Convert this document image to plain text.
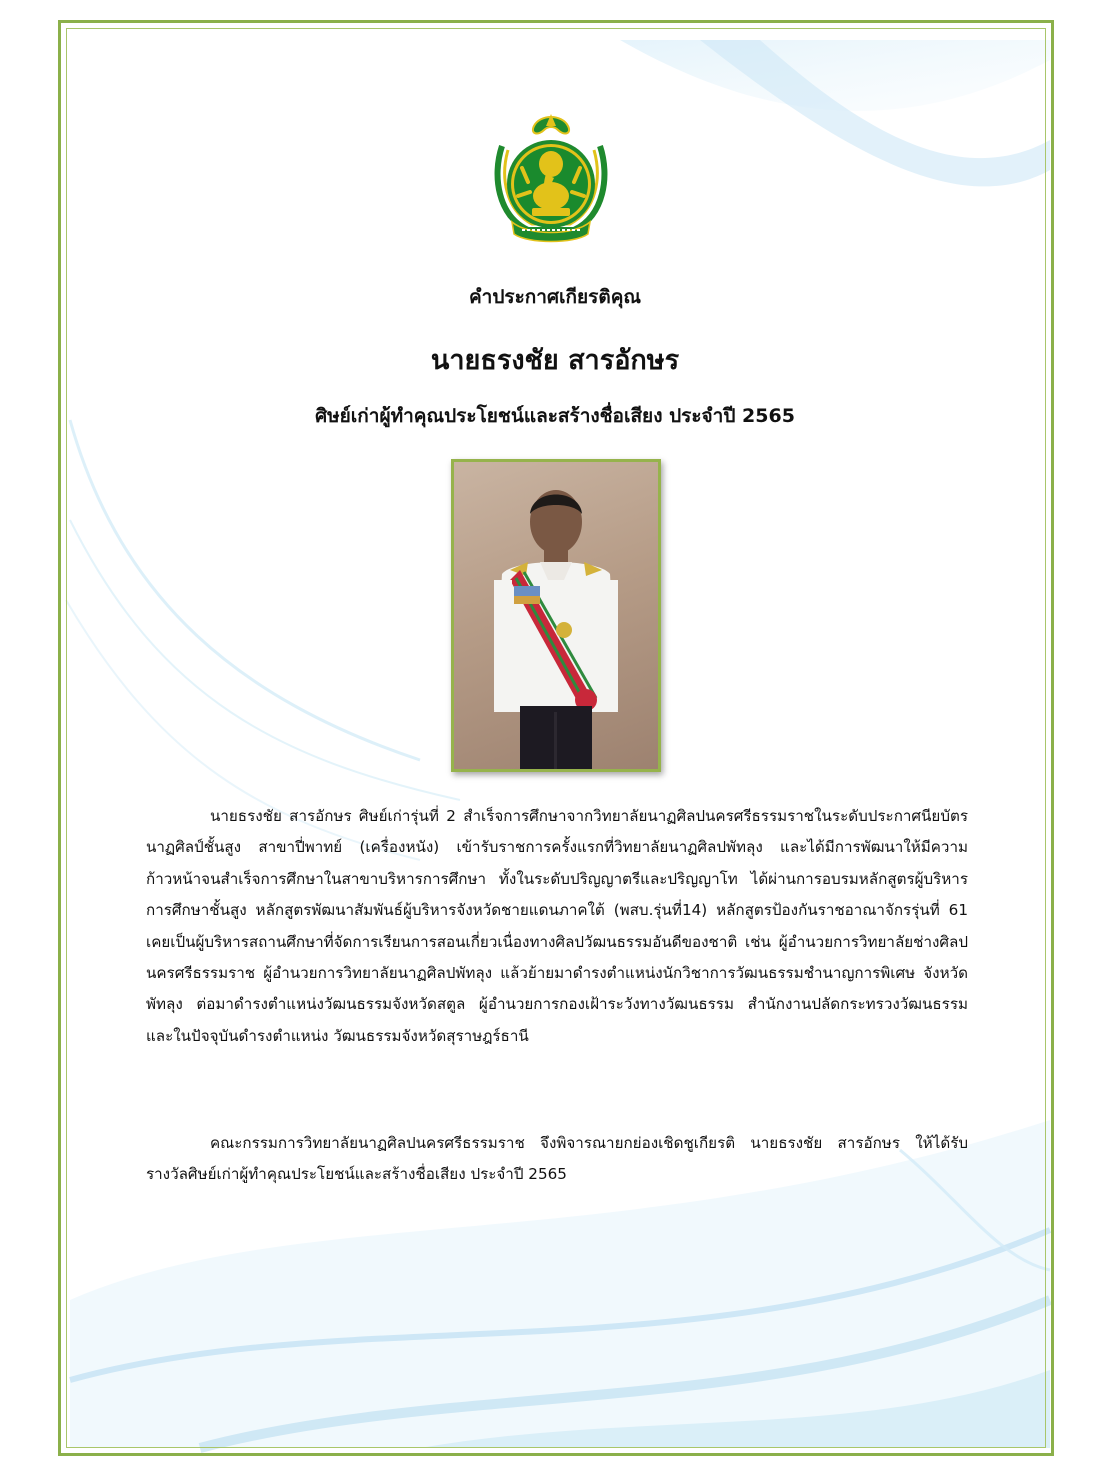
คำประกาศเกียรติคุณ
นายธรงชัย สารอักษร
ศิษย์เก่าผู้ทำคุณประโยชน์และสร้างชื่อเสียง ประจำปี 2565

นายธรงชัย สารอักษร ศิษย์เก่ารุ่นที่ 2 สำเร็จการศึกษาจากวิทยาลัยนาฏศิลปนครศรีธรรมราชในระดับประกาศนียบัตรนาฏศิลป์ชั้นสูง สาขาปี่พาทย์ (เครื่องหนัง) เข้ารับราชการครั้งแรกที่วิทยาลัยนาฏศิลปพัทลุง และได้มีการพัฒนาให้มีความก้าวหน้าจนสำเร็จการศึกษาในสาขาบริหารการศึกษา ทั้งในระดับปริญญาตรีและปริญญาโท ได้ผ่านการอบรมหลักสูตรผู้บริหารการศึกษาชั้นสูง หลักสูตรพัฒนาสัมพันธ์ผู้บริหารจังหวัดชายแดนภาคใต้ (พสบ.รุ่นที่14) หลักสูตรป้องกันราชอาณาจักรรุ่นที่ 61 เคยเป็นผู้บริหารสถานศึกษาที่จัดการเรียนการสอนเกี่ยวเนื่องทางศิลปวัฒนธรรมอันดีของชาติ เช่น ผู้อำนวยการวิทยาลัยช่างศิลปนครศรีธรรมราช ผู้อำนวยการวิทยาลัยนาฏศิลปพัทลุง แล้วย้ายมาดำรงตำแหน่งนักวิชาการวัฒนธรรมชำนาญการพิเศษ จังหวัดพัทลุง ต่อมาดำรงตำแหน่งวัฒนธรรมจังหวัดสตูล ผู้อำนวยการกองเฝ้าระวังทางวัฒนธรรม สำนักงานปลัดกระทรวงวัฒนธรรม และในปัจจุบันดำรงตำแหน่ง วัฒนธรรมจังหวัดสุราษฎร์ธานี

คณะกรรมการวิทยาลัยนาฏศิลปนครศรีธรรมราช จึงพิจารณายกย่องเชิดชูเกียรติ นายธรงชัย สารอักษร ให้ได้รับรางวัลศิษย์เก่าผู้ทำคุณประโยชน์และสร้างชื่อเสียง ประจำปี 2565
